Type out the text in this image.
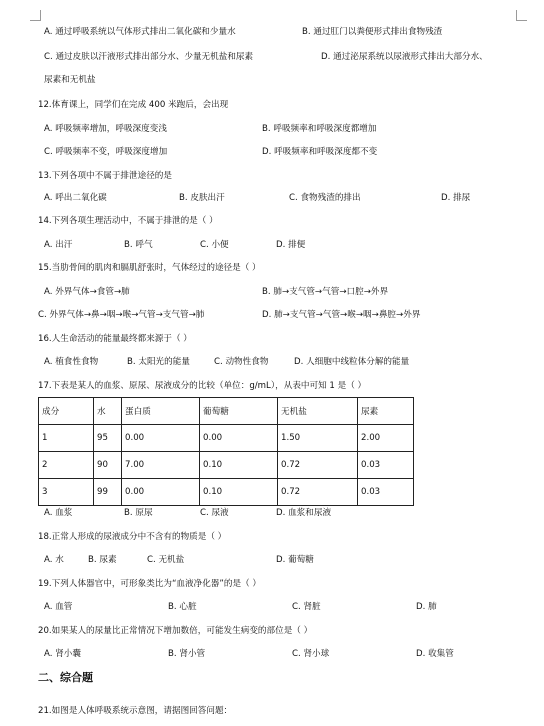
A. 通过呼吸系统以气体形式排出二氧化碳和少量水	B. 通过肛门以粪便形式排出食物残渣
C. 通过皮肤以汗液形式排出部分水、少量无机盐和尿素	D. 通过泌尿系统以尿液形式排出大部分水、
尿素和无机盐
12.体育课上，同学们在完成 400 米跑后，会出现
A. 呼吸频率增加，呼吸深度变浅	B. 呼吸频率和呼吸深度都增加
C. 呼吸频率不变，呼吸深度增加	D. 呼吸频率和呼吸深度都不变
13.下列各项中不属于排泄途径的是
A. 呼出二氧化碳	B. 皮肤出汗	C. 食物残渣的排出	D. 排尿
14.下列各项生理活动中，不属于排泄的是（ ）
A. 出汗	B. 呼气	C. 小便	D. 排便
15.当肋骨间的肌肉和膈肌舒张时，气体经过的途径是（ ）
A. 外界气体→食管→肺	B. 肺→支气管→气管→口腔→外界
C. 外界气体→鼻→咽→喉→气管→支气管→肺	D. 肺→支气管→气管→喉→咽→鼻腔→外界
16.人生命活动的能量最终都来源于（ ）
A. 植食性食物	B. 太阳光的能量	C. 动物性食物	D. 人细胞中线粒体分解的能量
17.下表是某人的血浆、原尿、尿液成分的比较（单位：g/mL），从表中可知 1 是（ ）
A. 血浆	B. 原尿	C. 尿液	D. 血浆和尿液
18.正常人形成的尿液成分中不含有的物质是（ ）
A. 水	B. 尿素	C. 无机盐	D. 葡萄糖
19.下列人体器官中，可形象类比为“血液净化器”的是（ ）
A. 血管	B. 心脏	C. 肾脏	D. 肺
20.如果某人的尿量比正常情况下增加数倍，可能发生病变的部位是（ ）
A. 肾小囊	B. 肾小管	C. 肾小球	D. 收集管
21.如图是人体呼吸系统示意图，请据图回答问题：
成分	水	蛋白质	葡萄糖	无机盐	尿素
1	95	0.00	0.00	1.50	2.00
2	90	7.00	0.10	0.72	0.03
3	99	0.00	0.10	0.72	0.03
二、综合题
